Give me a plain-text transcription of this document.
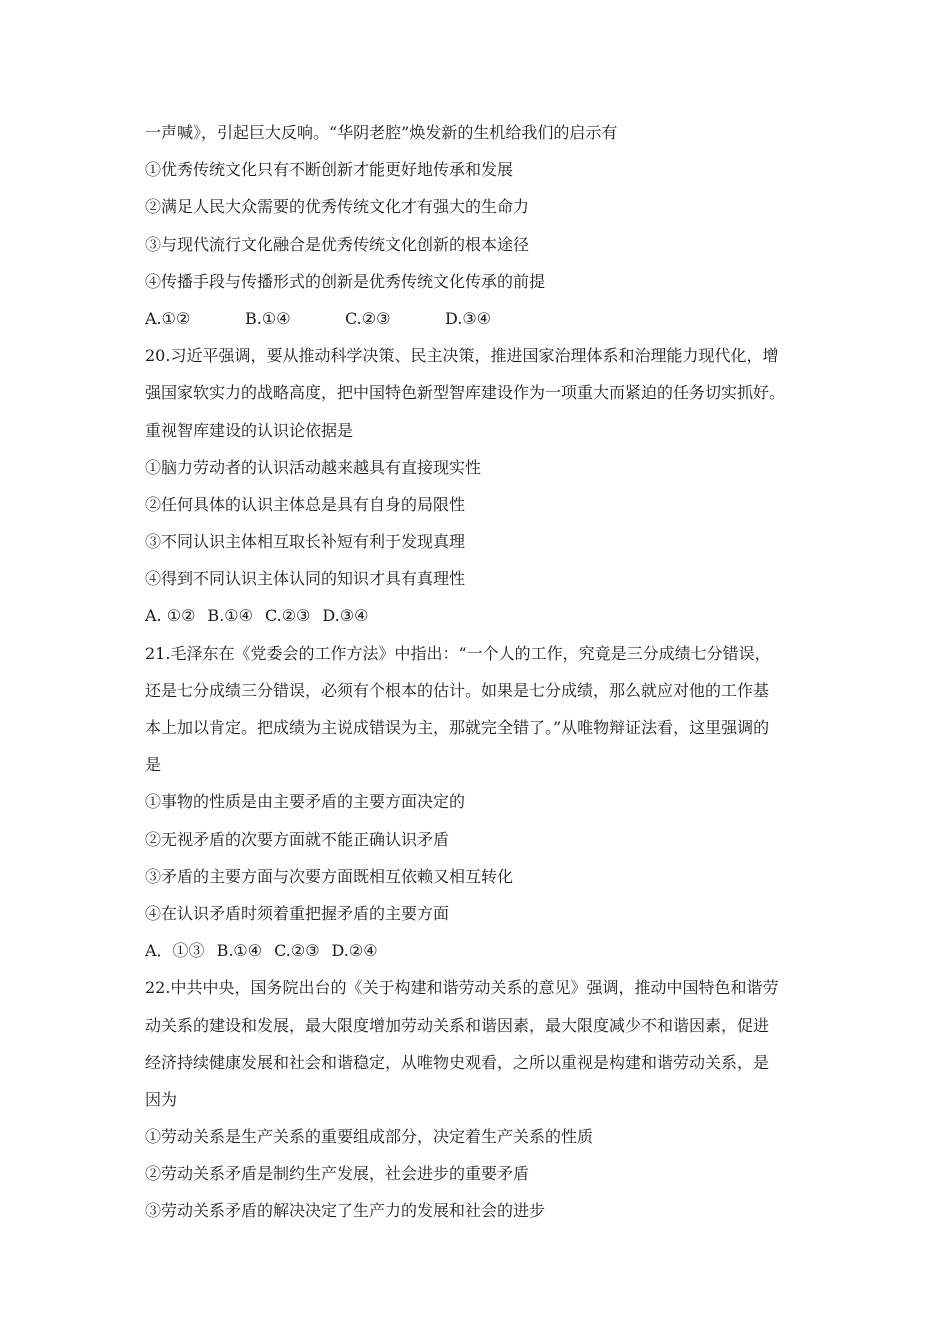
一声喊》，引起巨大反响。“华阴老腔”焕发新的生机给我们的启示有
①优秀传统文化只有不断创新才能更好地传承和发展
②满足人民大众需要的优秀传统文化才有强大的生命力
③与现代流行文化融合是优秀传统文化创新的根本途径
④传播手段与传播形式的创新是优秀传统文化传承的前提
A.①②	B.①④	C.②③	D.③④
20.习近平强调，要从推动科学决策、民主决策，推进国家治理体系和治理能力现代化，增
强国家软实力的战略高度，把中国特色新型智库建设作为一项重大而紧迫的任务切实抓好。
重视智库建设的认识论依据是
①脑力劳动者的认识活动越来越具有直接现实性
②任何具体的认识主体总是具有自身的局限性
③不同认识主体相互取长补短有利于发现真理
④得到不同认识主体认同的知识才具有真理性
A. ①② B.①④ C.②③ D.③④
21.毛泽东在《党委会的工作方法》中指出：“一个人的工作，究竟是三分成绩七分错误，
还是七分成绩三分错误，必须有个根本的估计。如果是七分成绩，那么就应对他的工作基
本上加以肯定。把成绩为主说成错误为主，那就完全错了。”从唯物辩证法看，这里强调的
是
①事物的性质是由主要矛盾的主要方面决定的
②无视矛盾的次要方面就不能正确认识矛盾
③矛盾的主要方面与次要方面既相互依赖又相互转化
④在认识矛盾时须着重把握矛盾的主要方面
A．①③ B.①④ C.②③ D.②④
22.中共中央，国务院出台的《关于构建和谐劳动关系的意见》强调，推动中国特色和谐劳
动关系的建设和发展，最大限度增加劳动关系和谐因素，最大限度减少不和谐因素，促进
经济持续健康发展和社会和谐稳定，从唯物史观看，之所以重视是构建和谐劳动关系，是
因为
①劳动关系是生产关系的重要组成部分，决定着生产关系的性质
②劳动关系矛盾是制约生产发展，社会进步的重要矛盾
③劳动关系矛盾的解决决定了生产力的发展和社会的进步
